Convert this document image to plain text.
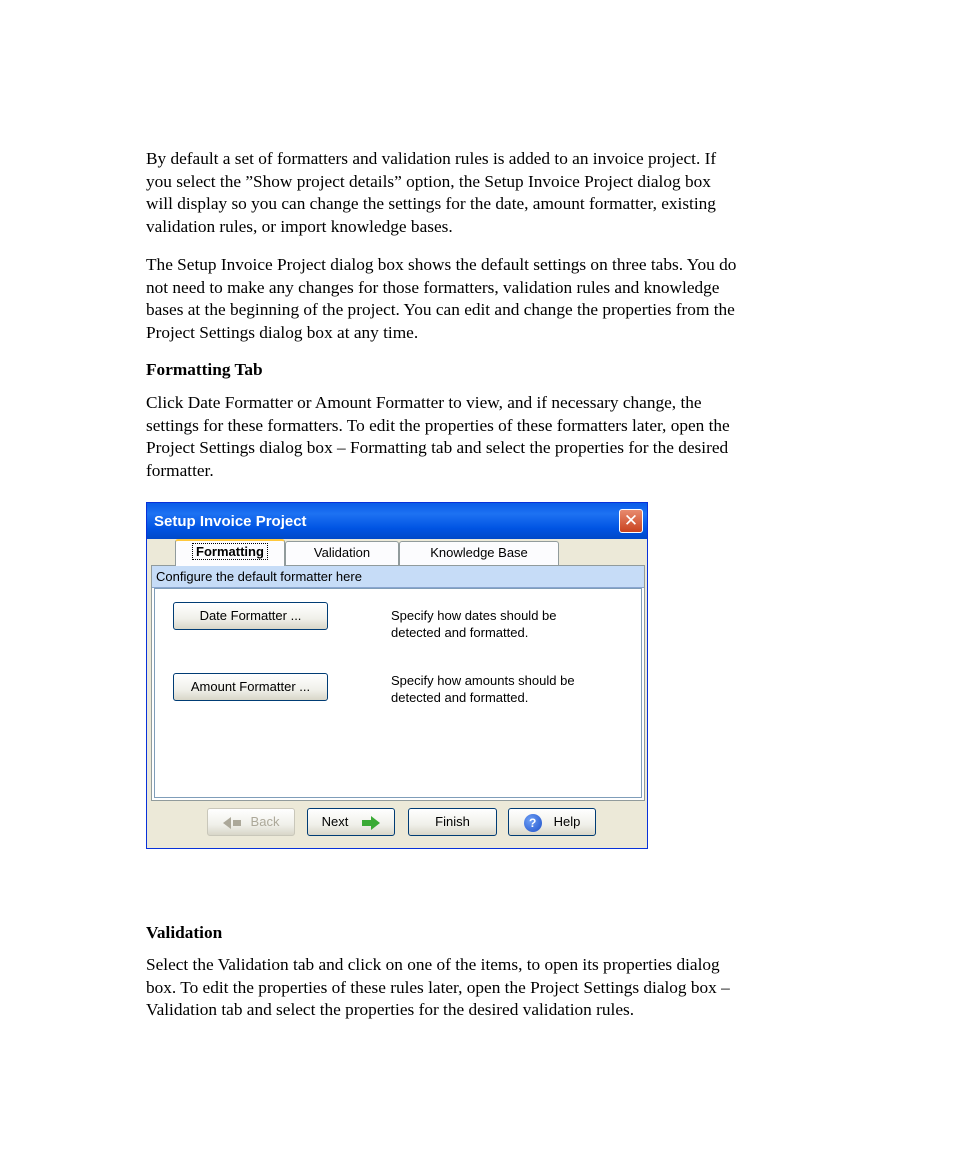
By default a set of formatters and validation rules is added to an invoice project. If
you select the ”Show project details” option, the Setup Invoice Project dialog box
will display so you can change the settings for the date, amount formatter, existing
validation rules, or import knowledge bases.

The Setup Invoice Project dialog box shows the default settings on three tabs. You do
not need to make any changes for those formatters, validation rules and knowledge
bases at the beginning of the project. You can edit and change the properties from the
Project Settings dialog box at any time.

Formatting Tab

Click Date Formatter or Amount Formatter to view, and if necessary change, the
settings for these formatters. To edit the properties of these formatters later, open the
Project Settings dialog box – Formatting tab and select the properties for the desired
formatter.

Setup Invoice Project	✕
Formatting	Validation	Knowledge Base
Configure the default formatter here
Date Formatter ...	Specify how dates should be
detected and formatted.
Amount Formatter ...	Specify how amounts should be
detected and formatted.
Back	Next	Finish	? Help

Validation

Select the Validation tab and click on one of the items, to open its properties dialog
box. To edit the properties of these rules later, open the Project Settings dialog box –
Validation tab and select the properties for the desired validation rules.
